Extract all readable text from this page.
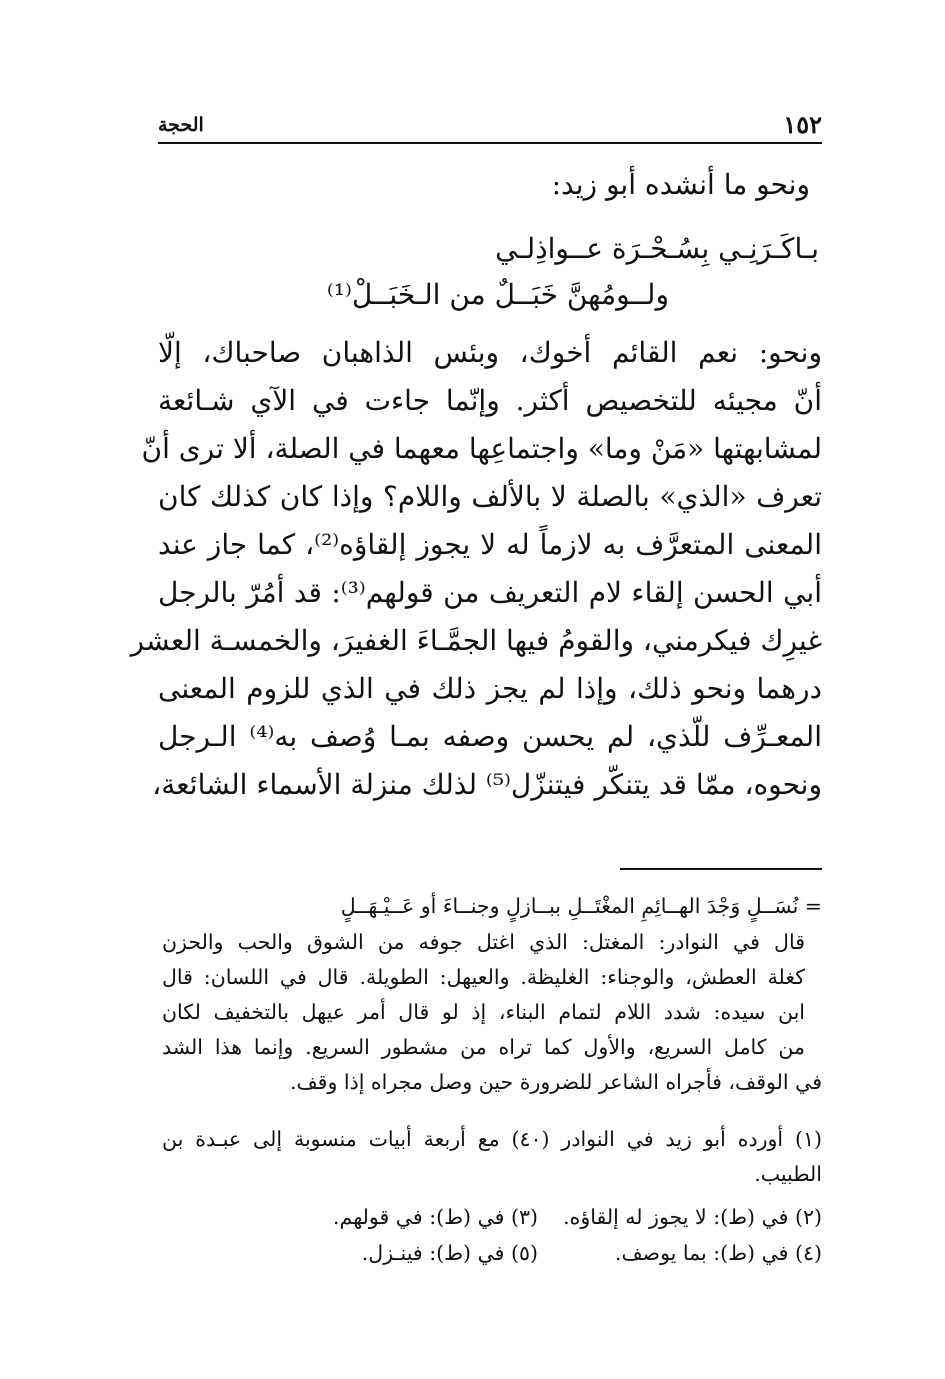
١٥٢
الحجة
ونحو ما أنشده أبو زيد:
بـاكَـرَنِـي بِسُـحْـرَة عــواذِلـي
ولــومُهنَّ خَبَــلٌ من الـخَبَــلْ⁽¹⁾
ونحو: نعم القائم أخوك، وبئس الذاهبان صاحباك، إلّا
أنّ مجيئه للتخصيص أكثر. وإنّما جاءت في الآي شـائعة
لمشابهتها «مَنْ وما» واجتماعِها معهما في الصلة، ألا ترى أنّ
تعرف «الذي» بالصلة لا بالألف واللام؟ وإذا كان كذلك كان
المعنى المتعرَّف به لازماً له لا يجوز إلقاؤه⁽²⁾، كما جاز عند
أبي الحسن إلقاء لام التعريف من قولهم⁽³⁾: قد أمُرّ بالرجل
غيرِك فيكرمني، والقومُ فيها الجمَّـاءَ الغفيرَ، والخمسـة العشر
درهما ونحو ذلك، وإذا لم يجز ذلك في الذي للزوم المعنى
المعـرِّف للّذي، لم يحسن وصفه بمـا وُصف به⁽⁴⁾ الـرجل
ونحوه، ممّا قد يتنكّر فيتنزّل⁽⁵⁾ لذلك منزلة الأسماء الشائعة،
= نُسَــلٍ وَجْدَ الهــائِمِ المغْتَــلِ ببــازلٍ وجنــاءَ أو عَــيْـهَــلٍ
قال في النوادر: المغتل: الذي اغتل جوفه من الشوق والحب والحزن
كغلة العطش، والوجناء: الغليظة. والعيهل: الطويلة. قال في اللسان: قال
ابن سيده: شدد اللام لتمام البناء، إذ لو قال أمر عيهل بالتخفيف لكان
من كامل السريع، والأول كما تراه من مشطور السريع. وإنما هذا الشد
في الوقف، فأجراه الشاعر للضرورة حين وصل مجراه إذا وقف.
(١) أورده أبو زيد في النوادر (٤٠) مع أربعة أبيات منسوبة إلى عبـدة بن
الطبيب.
(٢) في (ط): لا يجوز له إلقاؤه.
(٣) في (ط): في قولهم.
(٤) في (ط): بما يوصف.
(٥) في (ط): فينـزل.
